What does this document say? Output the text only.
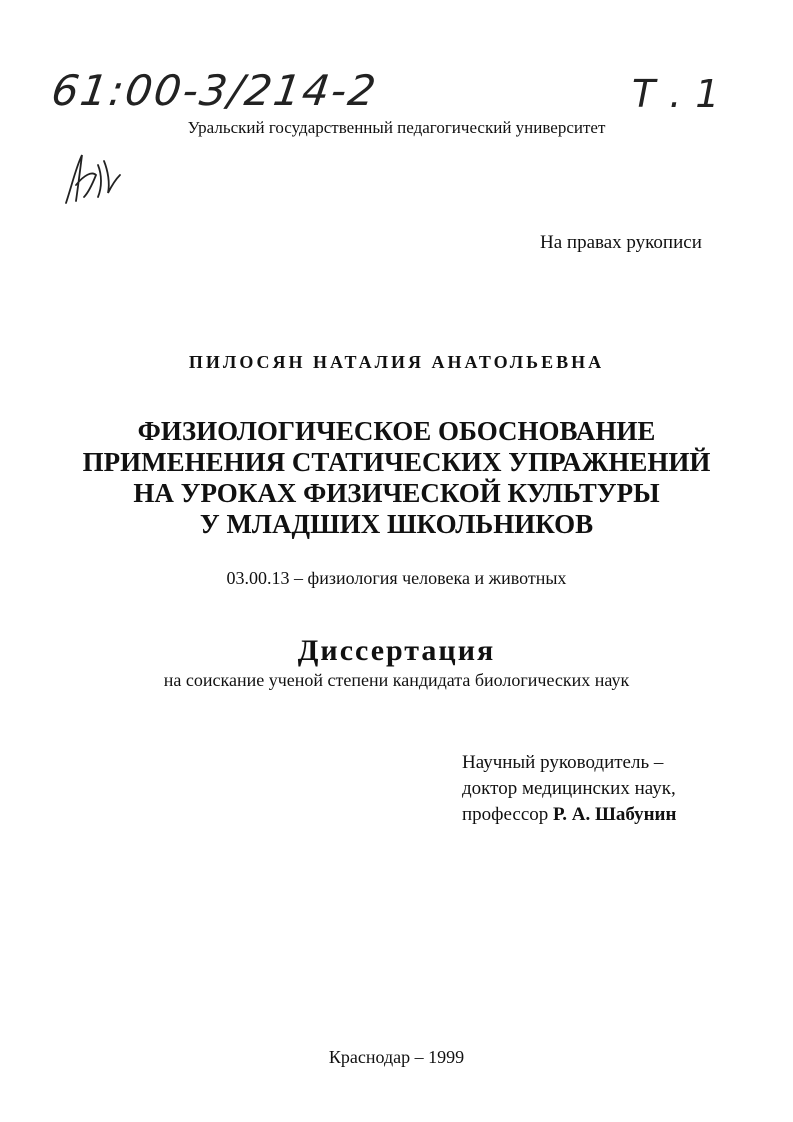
61:00-3/214-2	Т.1
Уральский государственный педагогический университет
На правах рукописи
ПИЛОСЯН НАТАЛИЯ АНАТОЛЬЕВНА
ФИЗИОЛОГИЧЕСКОЕ ОБОСНОВАНИЕ
ПРИМЕНЕНИЯ СТАТИЧЕСКИХ УПРАЖНЕНИЙ
НА УРОКАХ ФИЗИЧЕСКОЙ КУЛЬТУРЫ
У МЛАДШИХ ШКОЛЬНИКОВ
03.00.13 – физиология человека и животных
Диссертация
на соискание ученой степени кандидата биологических наук
Научный руководитель –
доктор медицинских наук,
профессор Р. А. Шабунин
Краснодар – 1999
